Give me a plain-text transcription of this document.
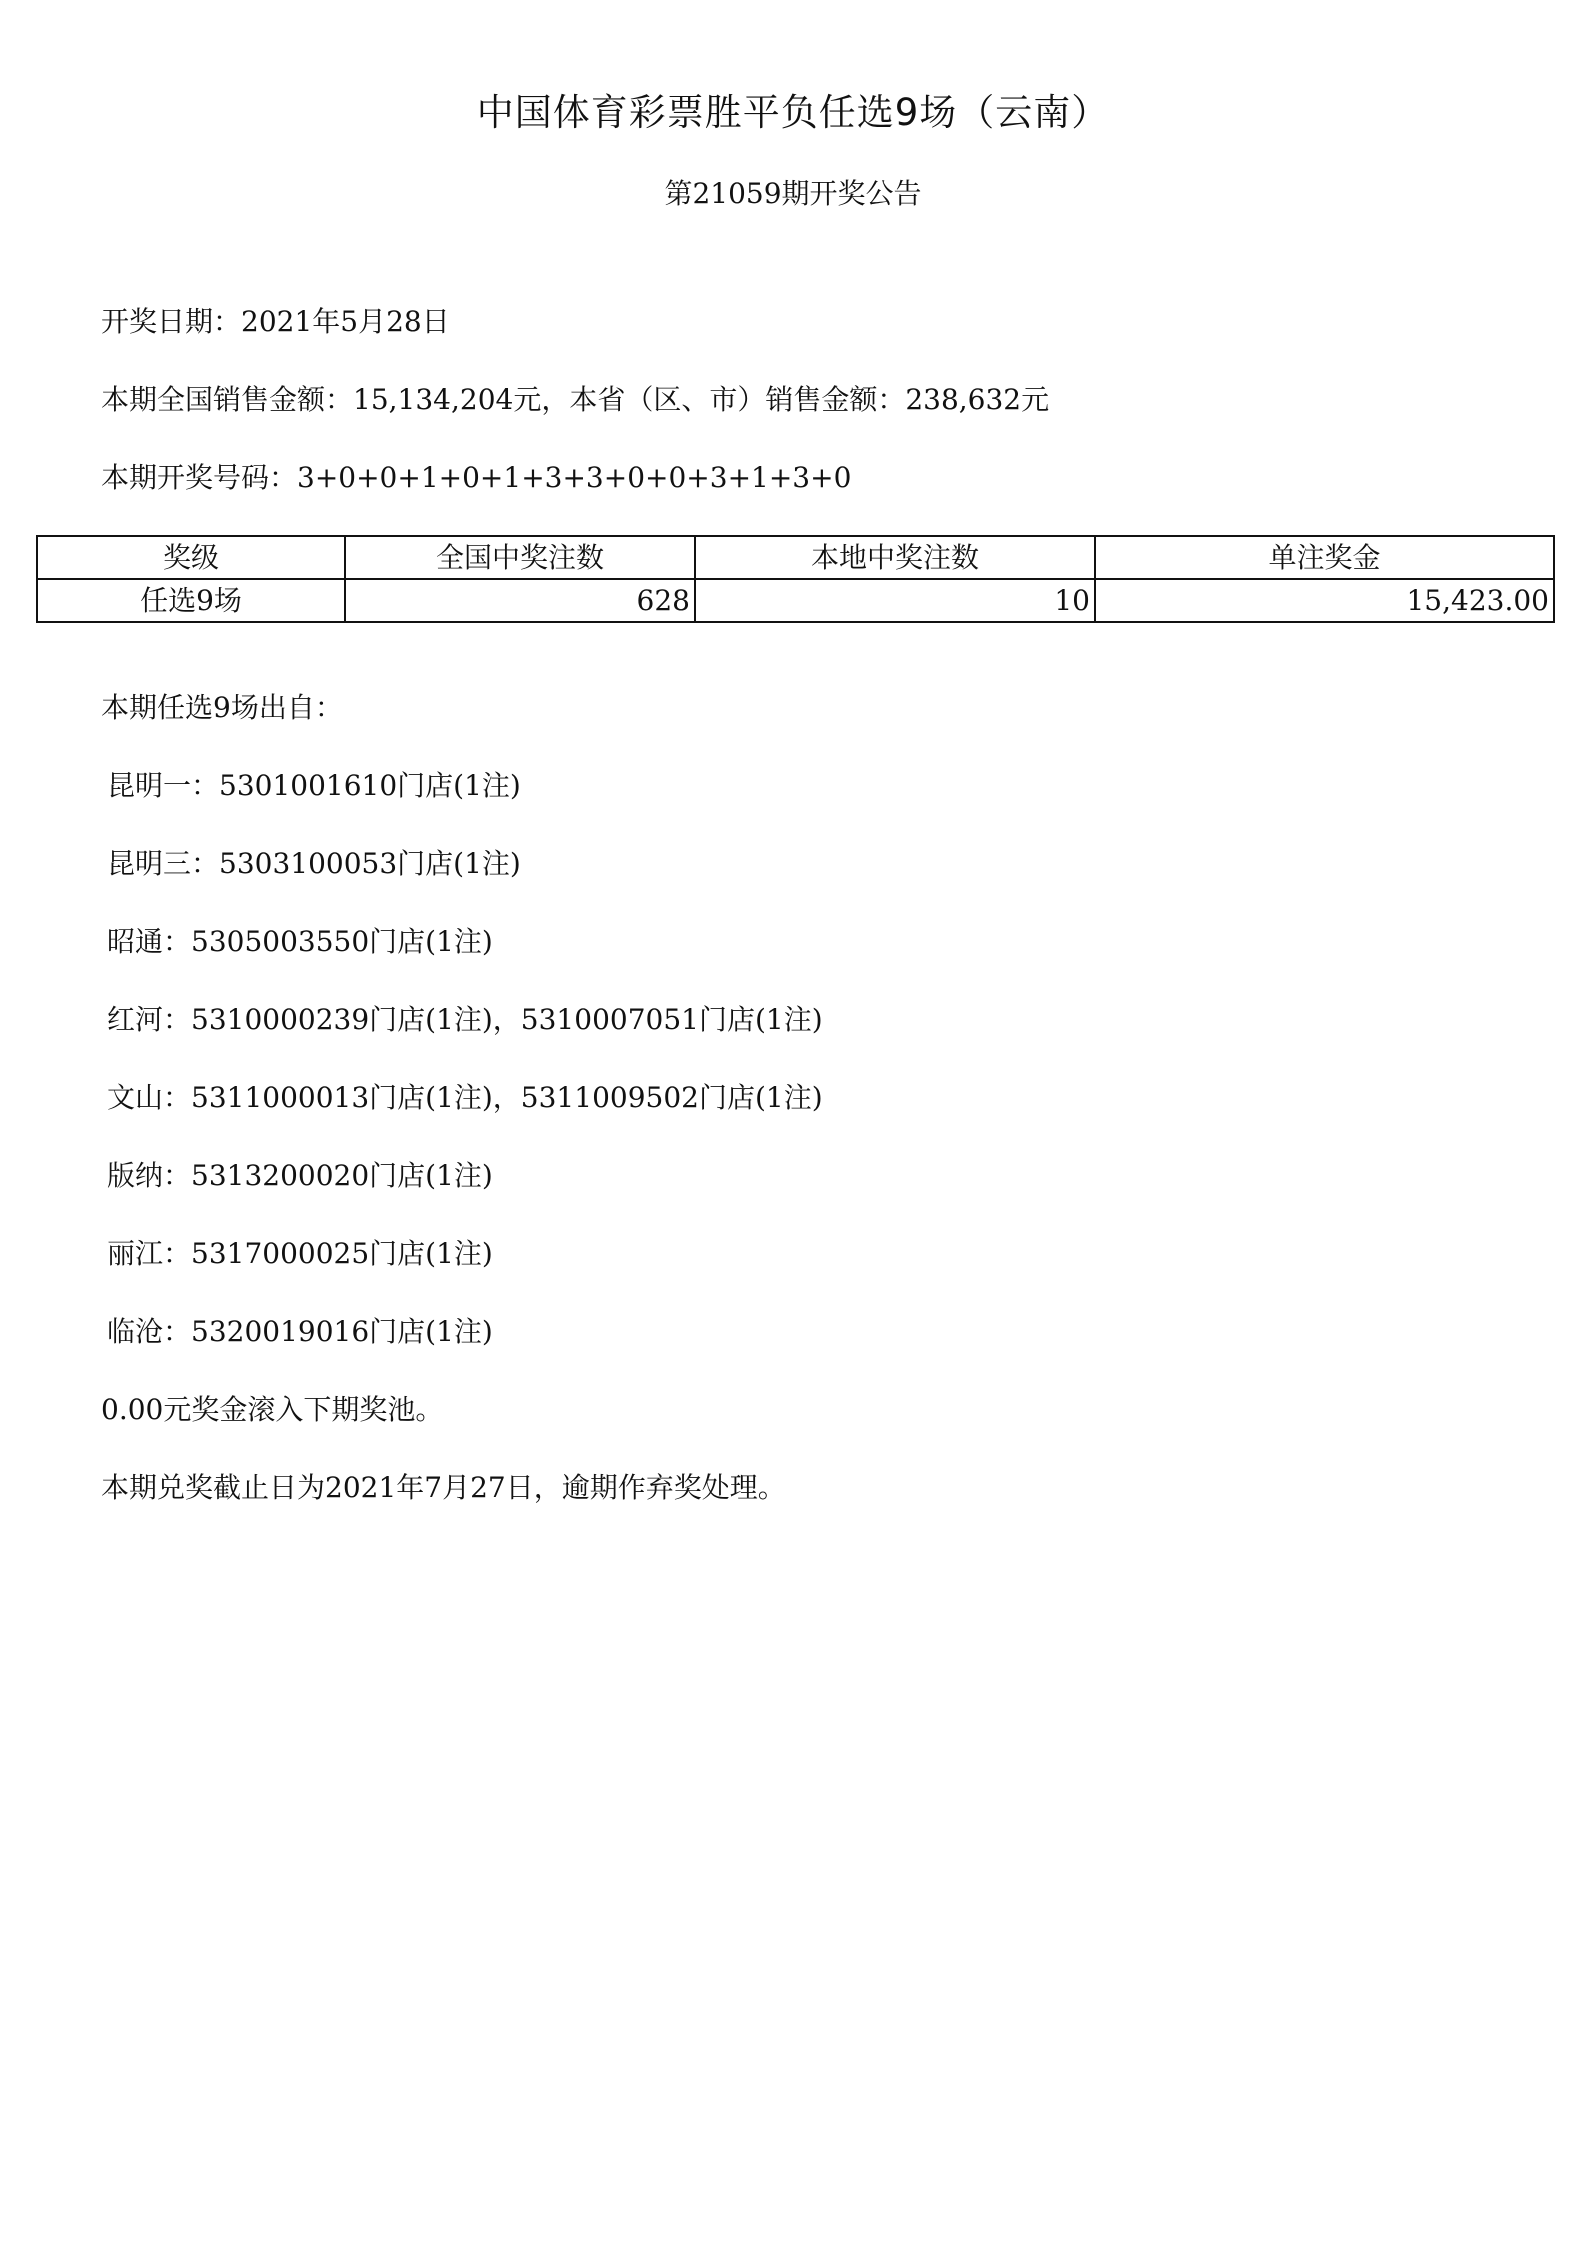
中国体育彩票胜平负任选9场（云南）
第21059期开奖公告
开奖日期：2021年5月28日
本期全国销售金额：15,134,204元，本省（区、市）销售金额：238,632元
本期开奖号码：3+0+0+1+0+1+3+3+0+0+3+1+3+0
奖级	全国中奖注数	本地中奖注数	单注奖金
任选9场	628	10	15,423.00
本期任选9场出自：
昆明一：5301001610门店(1注)
昆明三：5303100053门店(1注)
昭通：5305003550门店(1注)
红河：5310000239门店(1注)，5310007051门店(1注)
文山：5311000013门店(1注)，5311009502门店(1注)
版纳：5313200020门店(1注)
丽江：5317000025门店(1注)
临沧：5320019016门店(1注)
0.00元奖金滚入下期奖池。
本期兑奖截止日为2021年7月27日，逾期作弃奖处理。
